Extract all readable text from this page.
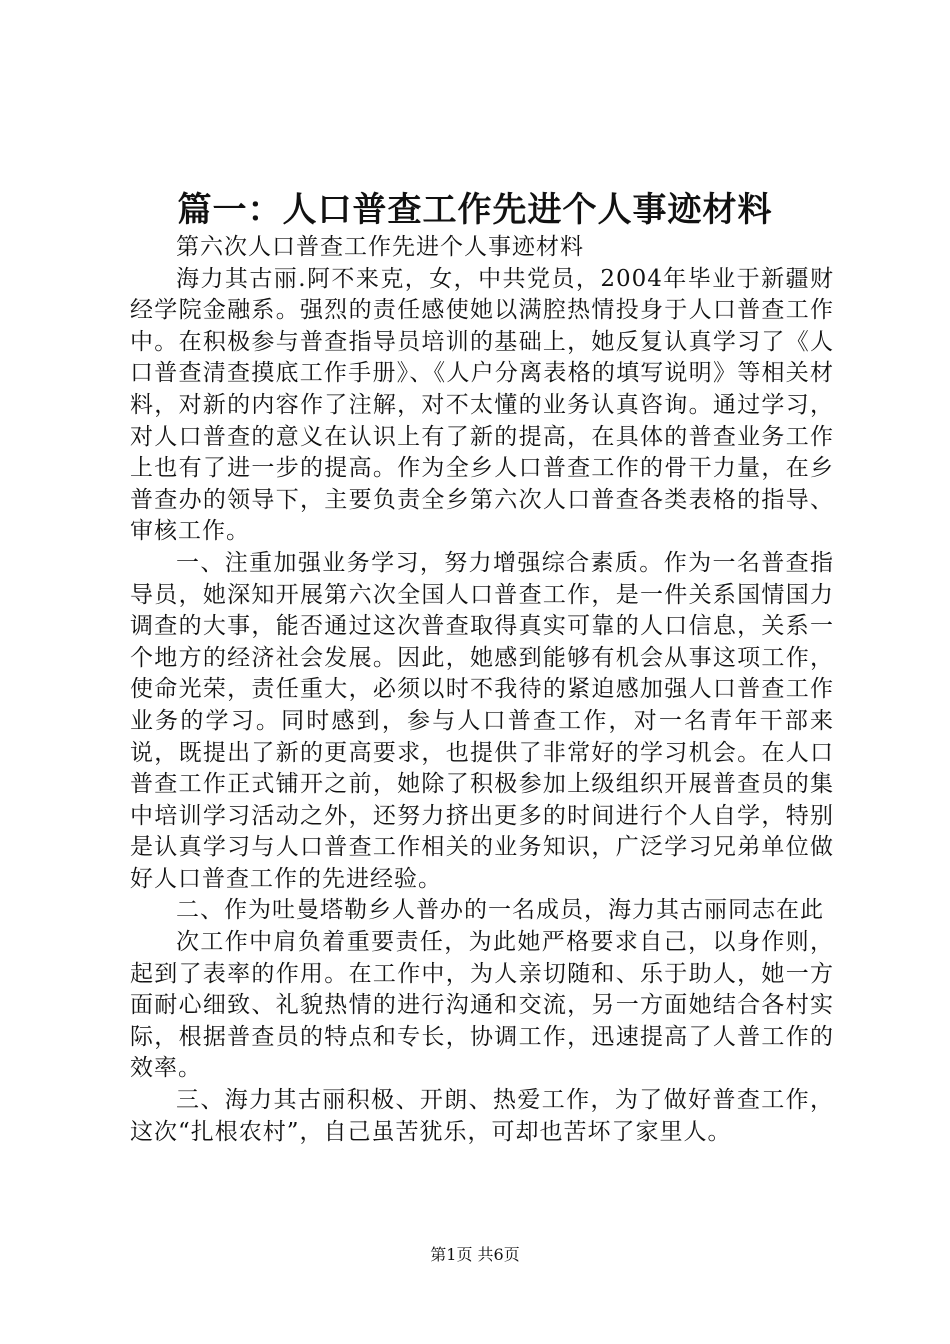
篇一：人口普查工作先进个人事迹材料

第六次人口普查工作先进个人事迹材料

海力其古丽.阿不来克，女，中共党员，2004年毕业于新疆财经学院金融系。强烈的责任感使她以满腔热情投身于人口普查工作中。在积极参与普查指导员培训的基础上，她反复认真学习了《人口普查清查摸底工作手册》、《人户分离表格的填写说明》等相关材料，对新的内容作了注解，对不太懂的业务认真咨询。通过学习，对人口普查的意义在认识上有了新的提高，在具体的普查业务工作上也有了进一步的提高。作为全乡人口普查工作的骨干力量，在乡普查办的领导下，主要负责全乡第六次人口普查各类表格的指导、审核工作。

一、注重加强业务学习，努力增强综合素质。作为一名普查指导员，她深知开展第六次全国人口普查工作，是一件关系国情国力调查的大事，能否通过这次普查取得真实可靠的人口信息，关系一个地方的经济社会发展。因此，她感到能够有机会从事这项工作，使命光荣，责任重大，必须以时不我待的紧迫感加强人口普查工作业务的学习。同时感到，参与人口普查工作，对一名青年干部来说，既提出了新的更高要求，也提供了非常好的学习机会。在人口普查工作正式铺开之前，她除了积极参加上级组织开展普查员的集中培训学习活动之外，还努力挤出更多的时间进行个人自学，特别是认真学习与人口普查工作相关的业务知识，广泛学习兄弟单位做好人口普查工作的先进经验。

二、作为吐曼塔勒乡人普办的一名成员，海力其古丽同志在此

次工作中肩负着重要责任，为此她严格要求自己，以身作则，起到了表率的作用。在工作中，为人亲切随和、乐于助人，她一方面耐心细致、礼貌热情的进行沟通和交流，另一方面她结合各村实际，根据普查员的特点和专长，协调工作，迅速提高了人普工作的效率。

三、海力其古丽积极、开朗、热爱工作，为了做好普查工作，这次“扎根农村”，自己虽苦犹乐，可却也苦坏了家里人。

第1页 共6页
